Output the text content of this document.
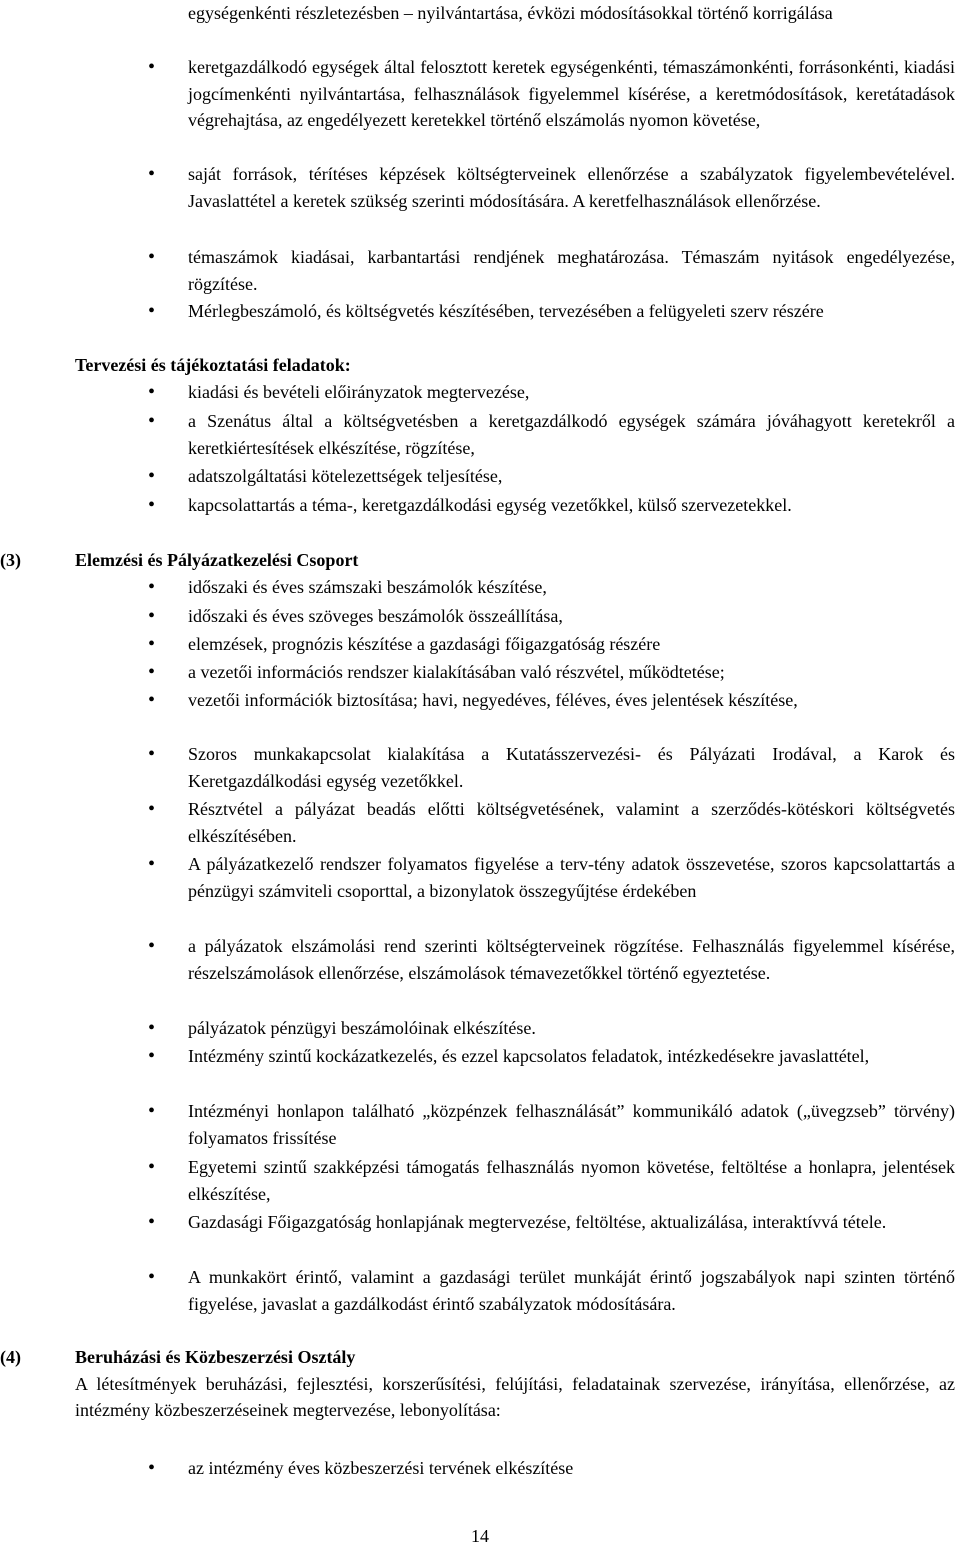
egységenkénti részletezésben – nyilvántartása, évközi módosításokkal történő korrigálása

• keretgazdálkodó egységek által felosztott keretek egységenkénti, témaszámonkénti, forrásonkénti, kiadási jogcímenkénti nyilvántartása, felhasználások figyelemmel kísérése, a keretmódosítások, keretátadások végrehajtása, az engedélyezett keretekkel történő elszámolás nyomon követése,

• saját források, térítéses képzések költségterveinek ellenőrzése a szabályzatok figyelembevételével. Javaslattétel a keretek szükség szerinti módosítására. A keretfelhasználások ellenőrzése.

• témaszámok kiadásai, karbantartási rendjének meghatározása. Témaszám nyitások engedélyezése, rögzítése.

• Mérlegbeszámoló, és költségvetés készítésében, tervezésében a felügyeleti szerv részére

Tervezési és tájékoztatási feladatok:

• kiadási és bevételi előirányzatok megtervezése,

• a Szenátus által a költségvetésben a keretgazdálkodó egységek számára jóváhagyott keretekről a keretkiértesítések elkészítése, rögzítése,

• adatszolgáltatási kötelezettségek teljesítése,

• kapcsolattartás a téma-, keretgazdálkodási egység vezetőkkel, külső szervezetekkel.

(3)	Elemzési és Pályázatkezelési Csoport

• időszaki és éves számszaki beszámolók készítése,

• időszaki és éves szöveges beszámolók összeállítása,

• elemzések, prognózis készítése a gazdasági főigazgatóság részére

• a vezetői információs rendszer kialakításában való részvétel, működtetése;

• vezetői információk biztosítása; havi, negyedéves, féléves, éves jelentések készítése,

• Szoros munkakapcsolat kialakítása a Kutatásszervezési- és Pályázati Irodával, a Karok és Keretgazdálkodási egység vezetőkkel.

• Résztvétel a pályázat beadás előtti költségvetésének, valamint a szerződés-kötéskori költségvetés elkészítésében.

• A pályázatkezelő rendszer folyamatos figyelése a terv-tény adatok összevetése, szoros kapcsolattartás a pénzügyi számviteli csoporttal, a bizonylatok összegyűjtése érdekében

• a pályázatok elszámolási rend szerinti költségterveinek rögzítése. Felhasználás figyelemmel kísérése, részelszámolások ellenőrzése, elszámolások témavezetőkkel történő egyeztetése.

• pályázatok pénzügyi beszámolóinak elkészítése.

• Intézmény szintű kockázatkezelés, és ezzel kapcsolatos feladatok, intézkedésekre javaslattétel,

• Intézményi honlapon található „közpénzek felhasználását” kommunikáló adatok („üvegzseb” törvény) folyamatos frissítése

• Egyetemi szintű szakképzési támogatás felhasználás nyomon követése, feltöltése a honlapra, jelentések elkészítése,

• Gazdasági Főigazgatóság honlapjának megtervezése, feltöltése, aktualizálása, interaktívvá tétele.

• A munkakört érintő, valamint a gazdasági terület munkáját érintő jogszabályok napi szinten történő figyelése, javaslat a gazdálkodást érintő szabályzatok módosítására.

(4)	Beruházási és Közbeszerzési Osztály

A létesítmények beruházási, fejlesztési, korszerűsítési, felújítási, feladatainak szervezése, irányítása, ellenőrzése, az intézmény közbeszerzéseinek megtervezése, lebonyolítása:

• az intézmény éves közbeszerzési tervének elkészítése

14
